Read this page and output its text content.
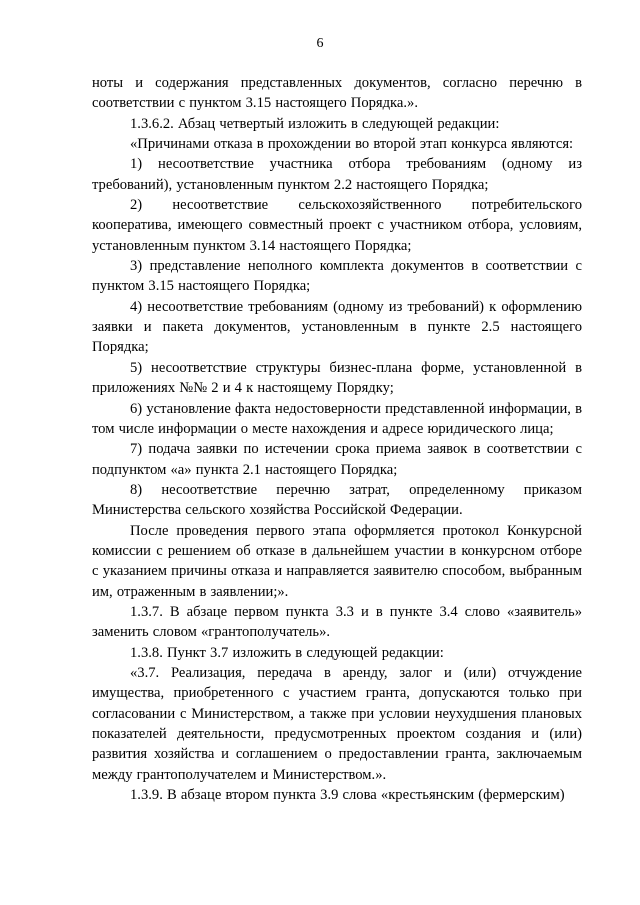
6

ноты и содержания представленных документов, согласно перечню в соответствии с пунктом 3.15 настоящего Порядка.».

1.3.6.2. Абзац четвертый изложить в следующей редакции:

«Причинами отказа в прохождении во второй этап конкурса являются:

1) несоответствие участника отбора требованиям (одному из требований), установленным пунктом 2.2 настоящего Порядка;

2) несоответствие сельскохозяйственного потребительского кооператива, имеющего совместный проект с участником отбора, условиям, установленным пунктом 3.14 настоящего Порядка;

3) представление неполного комплекта документов в соответствии с пунктом 3.15 настоящего Порядка;

4) несоответствие требованиям (одному из требований) к оформлению заявки и пакета документов, установленным в пункте 2.5 настоящего Порядка;

5) несоответствие структуры бизнес-плана форме, установленной в приложениях №№ 2 и 4 к настоящему Порядку;

6) установление факта недостоверности представленной информации, в том числе информации о месте нахождения и адресе юридического лица;

7) подача заявки по истечении срока приема заявок в соответствии с подпунктом «а» пункта 2.1 настоящего Порядка;

8) несоответствие перечню затрат, определенному приказом Министерства сельского хозяйства Российской Федерации.

После проведения первого этапа оформляется протокол Конкурсной комиссии с решением об отказе в дальнейшем участии в конкурсном отборе с указанием причины отказа и направляется заявителю способом, выбранным им, отраженным в заявлении;».

1.3.7. В абзаце первом пункта 3.3 и в пункте 3.4 слово «заявитель» заменить словом «грантополучатель».

1.3.8. Пункт 3.7 изложить в следующей редакции:

«3.7. Реализация, передача в аренду, залог и (или) отчуждение имущества, приобретенного с участием гранта, допускаются только при согласовании с Министерством, а также при условии неухудшения плановых показателей деятельности, предусмотренных проектом создания и (или) развития хозяйства и соглашением о предоставлении гранта, заключаемым между грантополучателем и Министерством.».

1.3.9. В абзаце втором пункта 3.9 слова «крестьянским (фермерским)
